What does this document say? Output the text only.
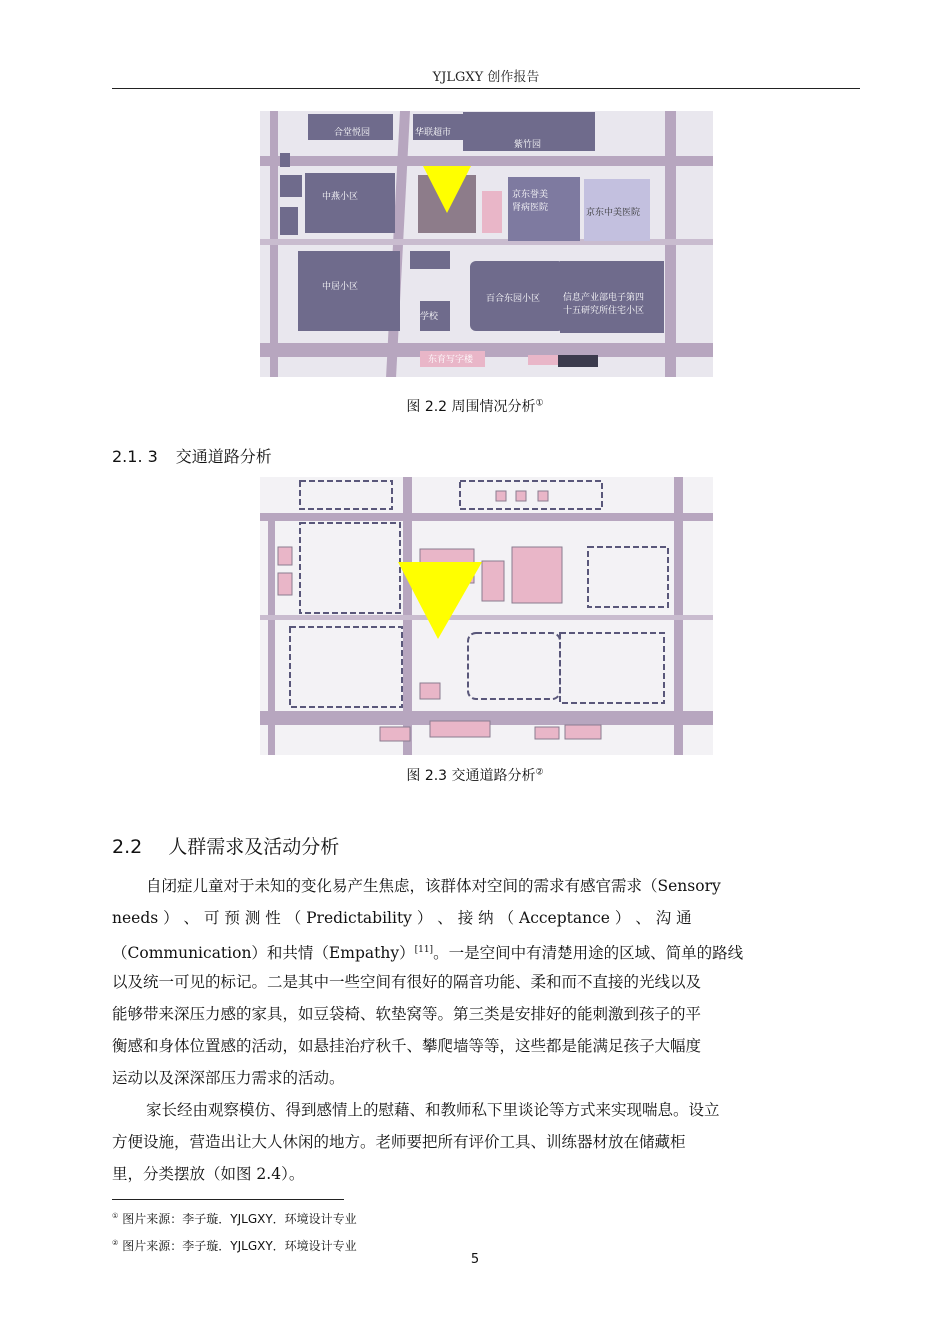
YJLGXY 创作报告
合堂悦园	华联超市
紫竹园
中燕小区	京东誉美
肾病医院	京东中美医院
中居小区
百合东园小区	信息产业部电子第四
十五研究所住宅小区
学校
东育写字楼
图 2.2 周围情况分析①
2.1. 3 交通道路分析
图 2.3 交通道路分析②
2.2 人群需求及活动分析
自闭症儿童对于未知的变化易产生焦虑，该群体对空间的需求有感官需求（Sensory
needs ） 、 可 预 测 性 （ Predictability ） 、 接 纳 （ Acceptance ） 、 沟 通
（Communication）和共情（Empathy）[11]。一是空间中有清楚用途的区域、简单的路线
以及统一可见的标记。二是其中一些空间有很好的隔音功能、柔和而不直接的光线以及
能够带来深压力感的家具，如豆袋椅、软垫窝等。第三类是安排好的能刺激到孩子的平
衡感和身体位置感的活动，如悬挂治疗秋千、攀爬墙等等，这些都是能满足孩子大幅度
运动以及深深部压力需求的活动。
家长经由观察模仿、得到感情上的慰藉、和教师私下里谈论等方式来实现喘息。设立
方便设施，营造出让大人休闲的地方。老师要把所有评价工具、训练器材放在储藏柜
里，分类摆放（如图 2.4）。
① 图片来源：李子璇．YJLGXY．环境设计专业
② 图片来源：李子璇．YJLGXY．环境设计专业
5
